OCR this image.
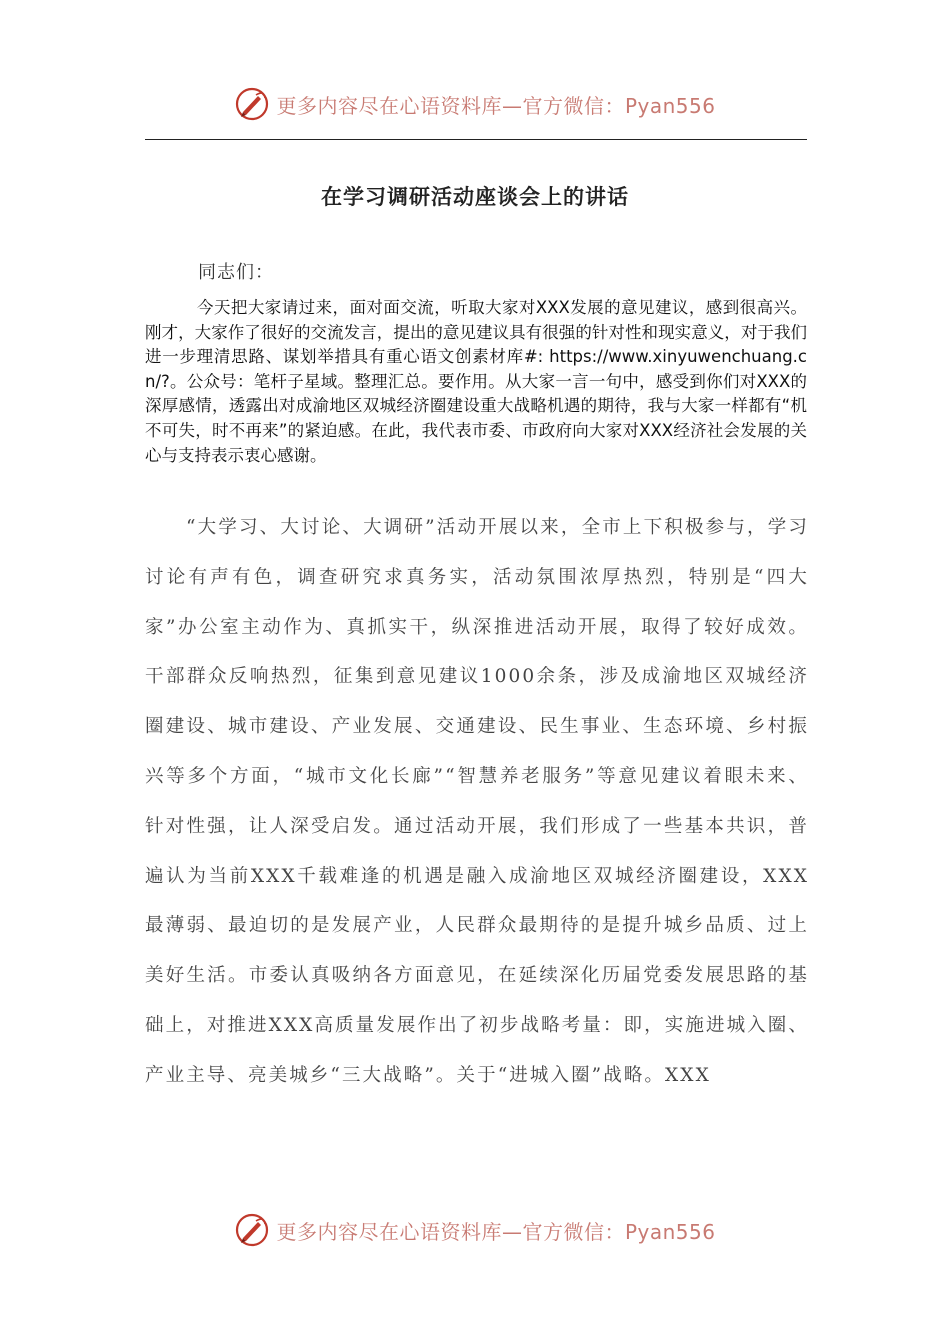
更多内容尽在心语资料库—官方微信：Pyan556
在学习调研活动座谈会上的讲话
同志们：
今天把大家请过来，面对面交流，听取大家对XXX发展的意见建议，感到很高兴。刚才，大家作了很好的交流发言，提出的意见建议具有很强的针对性和现实意义，对于我们进一步理清思路、谋划举措具有重心语文创素材库#: https://www.xinyuwenchuang.cn/?。公众号：笔杆子星域。整理汇总。要作用。从大家一言一句中，感受到你们对XXX的深厚感情，透露出对成渝地区双城经济圈建设重大战略机遇的期待，我与大家一样都有“机不可失，时不再来”的紧迫感。在此，我代表市委、市政府向大家对XXX经济社会发展的关心与支持表示衷心感谢。
“大学习、大讨论、大调研”活动开展以来，全市上下积极参与，学习讨论有声有色，调查研究求真务实，活动氛围浓厚热烈，特别是“四大家”办公室主动作为、真抓实干，纵深推进活动开展，取得了较好成效。干部群众反响热烈，征集到意见建议1000余条，涉及成渝地区双城经济圈建设、城市建设、产业发展、交通建设、民生事业、生态环境、乡村振兴等多个方面，“城市文化长廊”“智慧养老服务”等意见建议着眼未来、针对性强，让人深受启发。通过活动开展，我们形成了一些基本共识，普遍认为当前XXX千载难逢的机遇是融入成渝地区双城经济圈建设，XXX最薄弱、最迫切的是发展产业，人民群众最期待的是提升城乡品质、过上美好生活。市委认真吸纳各方面意见，在延续深化历届党委发展思路的基础上，对推进XXX高质量发展作出了初步战略考量：即，实施进城入圈、产业主导、亮美城乡“三大战略”。关于“进城入圈”战略。XXX
更多内容尽在心语资料库—官方微信：Pyan556
